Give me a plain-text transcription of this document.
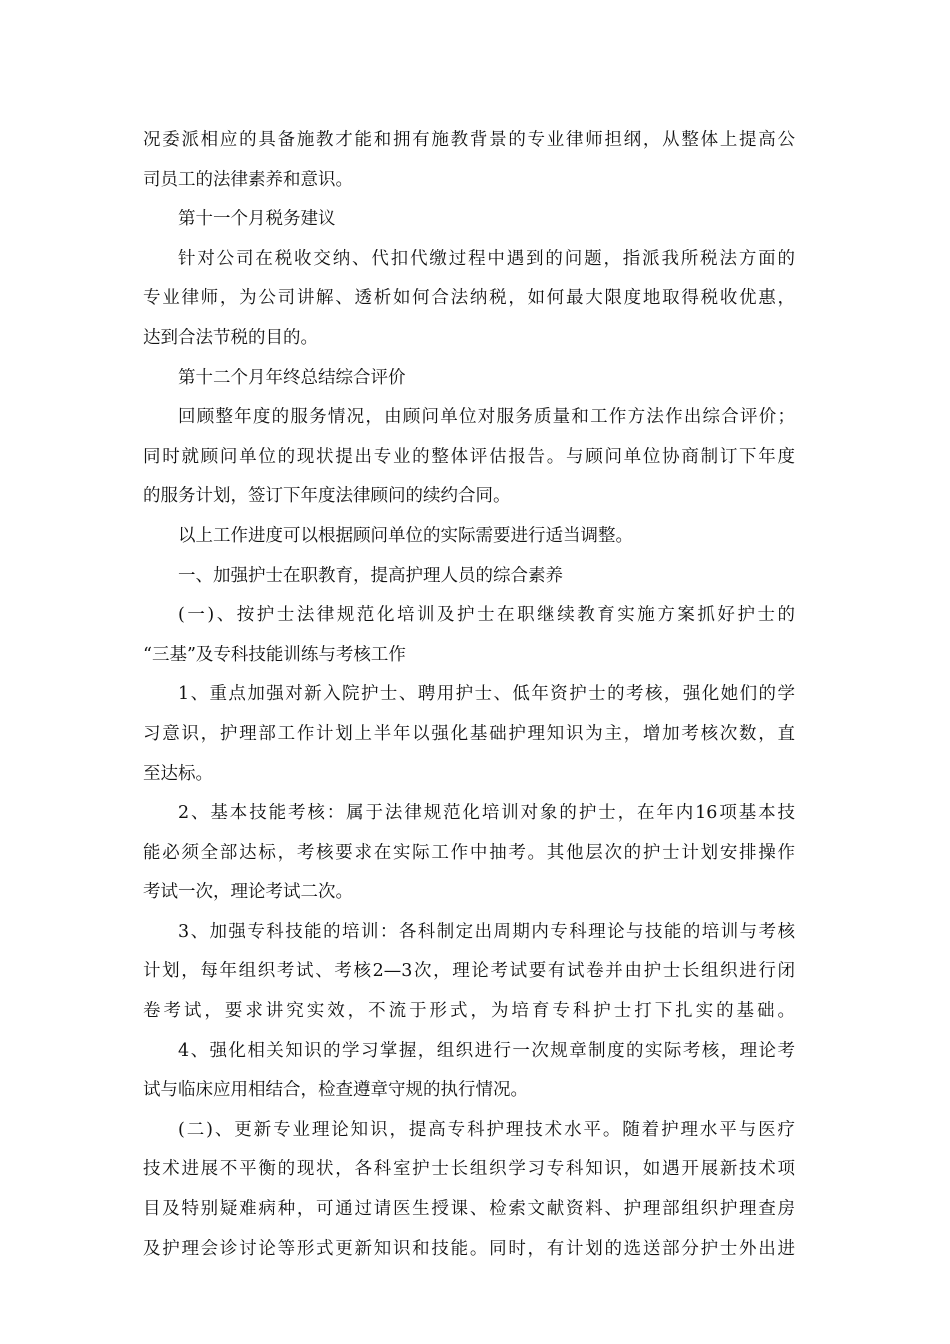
况委派相应的具备施教才能和拥有施教背景的专业律师担纲，从整体上提高公
司员工的法律素养和意识。
第十一个月税务建议
针对公司在税收交纳、代扣代缴过程中遇到的问题，指派我所税法方面的
专业律师，为公司讲解、透析如何合法纳税，如何最大限度地取得税收优惠，
达到合法节税的目的。
第十二个月年终总结综合评价
回顾整年度的服务情况，由顾问单位对服务质量和工作方法作出综合评价；
同时就顾问单位的现状提出专业的整体评估报告。与顾问单位协商制订下年度
的服务计划，签订下年度法律顾问的续约合同。
以上工作进度可以根据顾问单位的实际需要进行适当调整。
一、加强护士在职教育，提高护理人员的综合素养
(一)、按护士法律规范化培训及护士在职继续教育实施方案抓好护士的
“三基”及专科技能训练与考核工作
1、重点加强对新入院护士、聘用护士、低年资护士的考核，强化她们的学
习意识，护理部工作计划上半年以强化基础护理知识为主，增加考核次数，直
至达标。
2、基本技能考核：属于法律规范化培训对象的护士，在年内16项基本技
能必须全部达标，考核要求在实际工作中抽考。其他层次的护士计划安排操作
考试一次，理论考试二次。
3、加强专科技能的培训：各科制定出周期内专科理论与技能的培训与考核
计划，每年组织考试、考核2—3次，理论考试要有试卷并由护士长组织进行闭
卷考试，要求讲究实效，不流于形式，为培育专科护士打下扎实的基础。
4、强化相关知识的学习掌握，组织进行一次规章制度的实际考核，理论考
试与临床应用相结合，检查遵章守规的执行情况。
(二)、更新专业理论知识，提高专科护理技术水平。随着护理水平与医疗
技术进展不平衡的现状，各科室护士长组织学习专科知识，如遇开展新技术项
目及特别疑难病种，可通过请医生授课、检索文献资料、护理部组织护理查房
及护理会诊讨论等形式更新知识和技能。同时，有计划的选送部分护士外出进
